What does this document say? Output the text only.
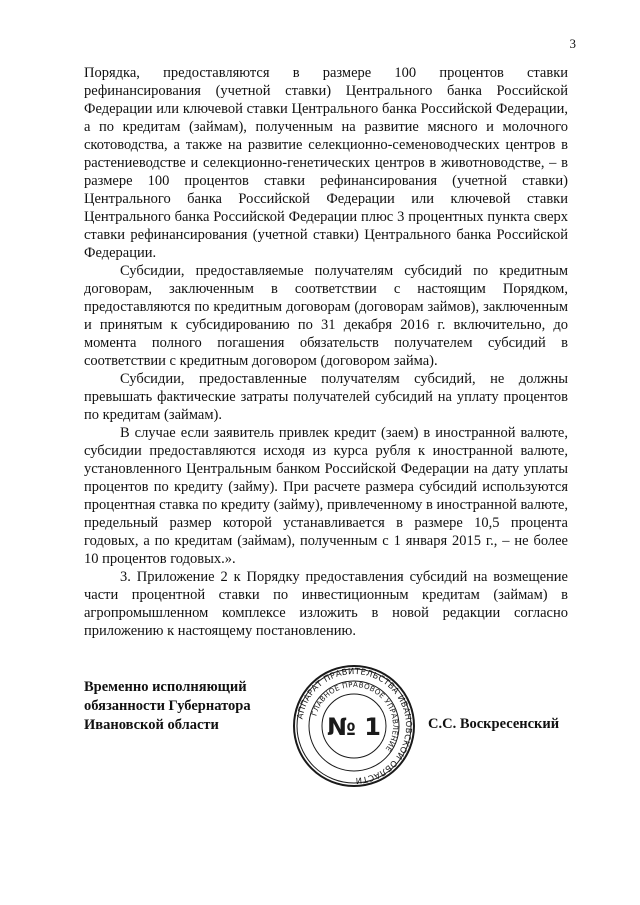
3

Порядка, предоставляются в размере 100 процентов ставки рефинансирования (учетной ставки) Центрального банка Российской Федерации или ключевой ставки Центрального банка Российской Федерации, а по кредитам (займам), полученным на развитие мясного и молочного скотоводства, а также на развитие селекционно-семеноводческих центров в растениеводстве и селекционно-генетических центров в животноводстве, – в размере 100 процентов ставки рефинансирования (учетной ставки) Центрального банка Российской Федерации или ключевой ставки Центрального банка Российской Федерации плюс 3 процентных пункта сверх ставки рефинансирования (учетной ставки) Центрального банка Российской Федерации.

Субсидии, предоставляемые получателям субсидий по кредитным договорам, заключенным в соответствии с настоящим Порядком, предоставляются по кредитным договорам (договорам займов), заключенным и принятым к субсидированию по 31 декабря 2016 г. включительно, до момента полного погашения обязательств получателем субсидий в соответствии с кредитным договором (договором займа).

Субсидии, предоставленные получателям субсидий, не должны превышать фактические затраты получателей субсидий на уплату процентов по кредитам (займам).

В случае если заявитель привлек кредит (заем) в иностранной валюте, субсидии предоставляются исходя из курса рубля к иностранной валюте, установленного Центральным банком Российской Федерации на дату уплаты процентов по кредиту (займу). При расчете размера субсидий используются процентная ставка по кредиту (займу), привлеченному в иностранной валюте, предельный размер которой устанавливается в размере 10,5 процента годовых, а по кредитам (займам), полученным с 1 января 2015 г., – не более 10 процентов годовых.».

3. Приложение 2 к Порядку предоставления субсидий на возмещение части процентной ставки по инвестиционным кредитам (займам) в агропромышленном комплексе изложить в новой редакции согласно приложению к настоящему постановлению.

Временно исполняющий
обязанности Губернатора
Ивановской области
АППАРАТ ПРАВИТЕЛЬСТВА ИВАНОВСКОЙ ОБЛАСТИ
ГЛАВНОЕ ПРАВОВОЕ УПРАВЛЕНИЕ
№ 1	С.С. Воскресенский
